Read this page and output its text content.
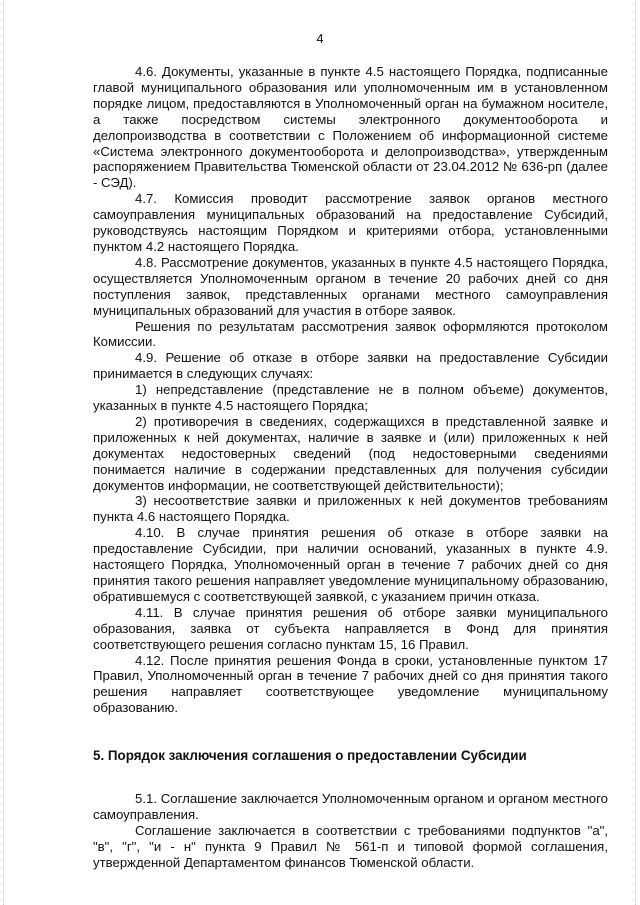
4

4.6. Документы, указанные в пункте 4.5 настоящего Порядка, подписанные главой муниципального образования или уполномоченным им в установленном порядке лицом, предоставляются в Уполномоченный орган на бумажном носителе, а также посредством системы электронного документооборота и делопроизводства в соответствии с Положением об информационной системе «Система электронного документооборота и делопроизводства», утвержденным распоряжением Правительства Тюменской области от 23.04.2012 № 636-рп (далее - СЭД).

4.7. Комиссия проводит рассмотрение заявок органов местного самоуправления муниципальных образований на предоставление Субсидий, руководствуясь настоящим Порядком и критериями отбора, установленными пунктом 4.2 настоящего Порядка.

4.8. Рассмотрение документов, указанных в пункте 4.5 настоящего Порядка, осуществляется Уполномоченным органом в течение 20 рабочих дней со дня поступления заявок, представленных органами местного самоуправления муниципальных образований для участия в отборе заявок.

Решения по результатам рассмотрения заявок оформляются протоколом Комиссии.

4.9. Решение об отказе в отборе заявки на предоставление Субсидии принимается в следующих случаях:

1) непредставление (представление не в полном объеме) документов, указанных в пункте 4.5 настоящего Порядка;

2) противоречия в сведениях, содержащихся в представленной заявке и приложенных к ней документах, наличие в заявке и (или) приложенных к ней документах недостоверных сведений (под недостоверными сведениями понимается наличие в содержании представленных для получения субсидии документов информации, не соответствующей действительности);

3) несоответствие заявки и приложенных к ней документов требованиям пункта 4.6 настоящего Порядка.

4.10. В случае принятия решения об отказе в отборе заявки на предоставление Субсидии, при наличии оснований, указанных в пункте 4.9. настоящего Порядка, Уполномоченный орган в течение 7 рабочих дней со дня принятия такого решения направляет уведомление муниципальному образованию, обратившемуся с соответствующей заявкой, с указанием причин отказа.

4.11. В случае принятия решения об отборе заявки муниципального образования, заявка от субъекта направляется в Фонд для принятия соответствующего решения согласно пунктам 15, 16 Правил.

4.12. После принятия решения Фонда в сроки, установленные пунктом 17 Правил, Уполномоченный орган в течение 7 рабочих дней со дня принятия такого решения направляет соответствующее уведомление муниципальному образованию.

5. Порядок заключения соглашения о предоставлении Субсидии

5.1. Соглашение заключается Уполномоченным органом и органом местного самоуправления.

Соглашение заключается в соответствии с требованиями подпунктов "а", "в", "г", "и - н" пункта 9 Правил № 561-п и типовой формой соглашения, утвержденной Департаментом финансов Тюменской области.
